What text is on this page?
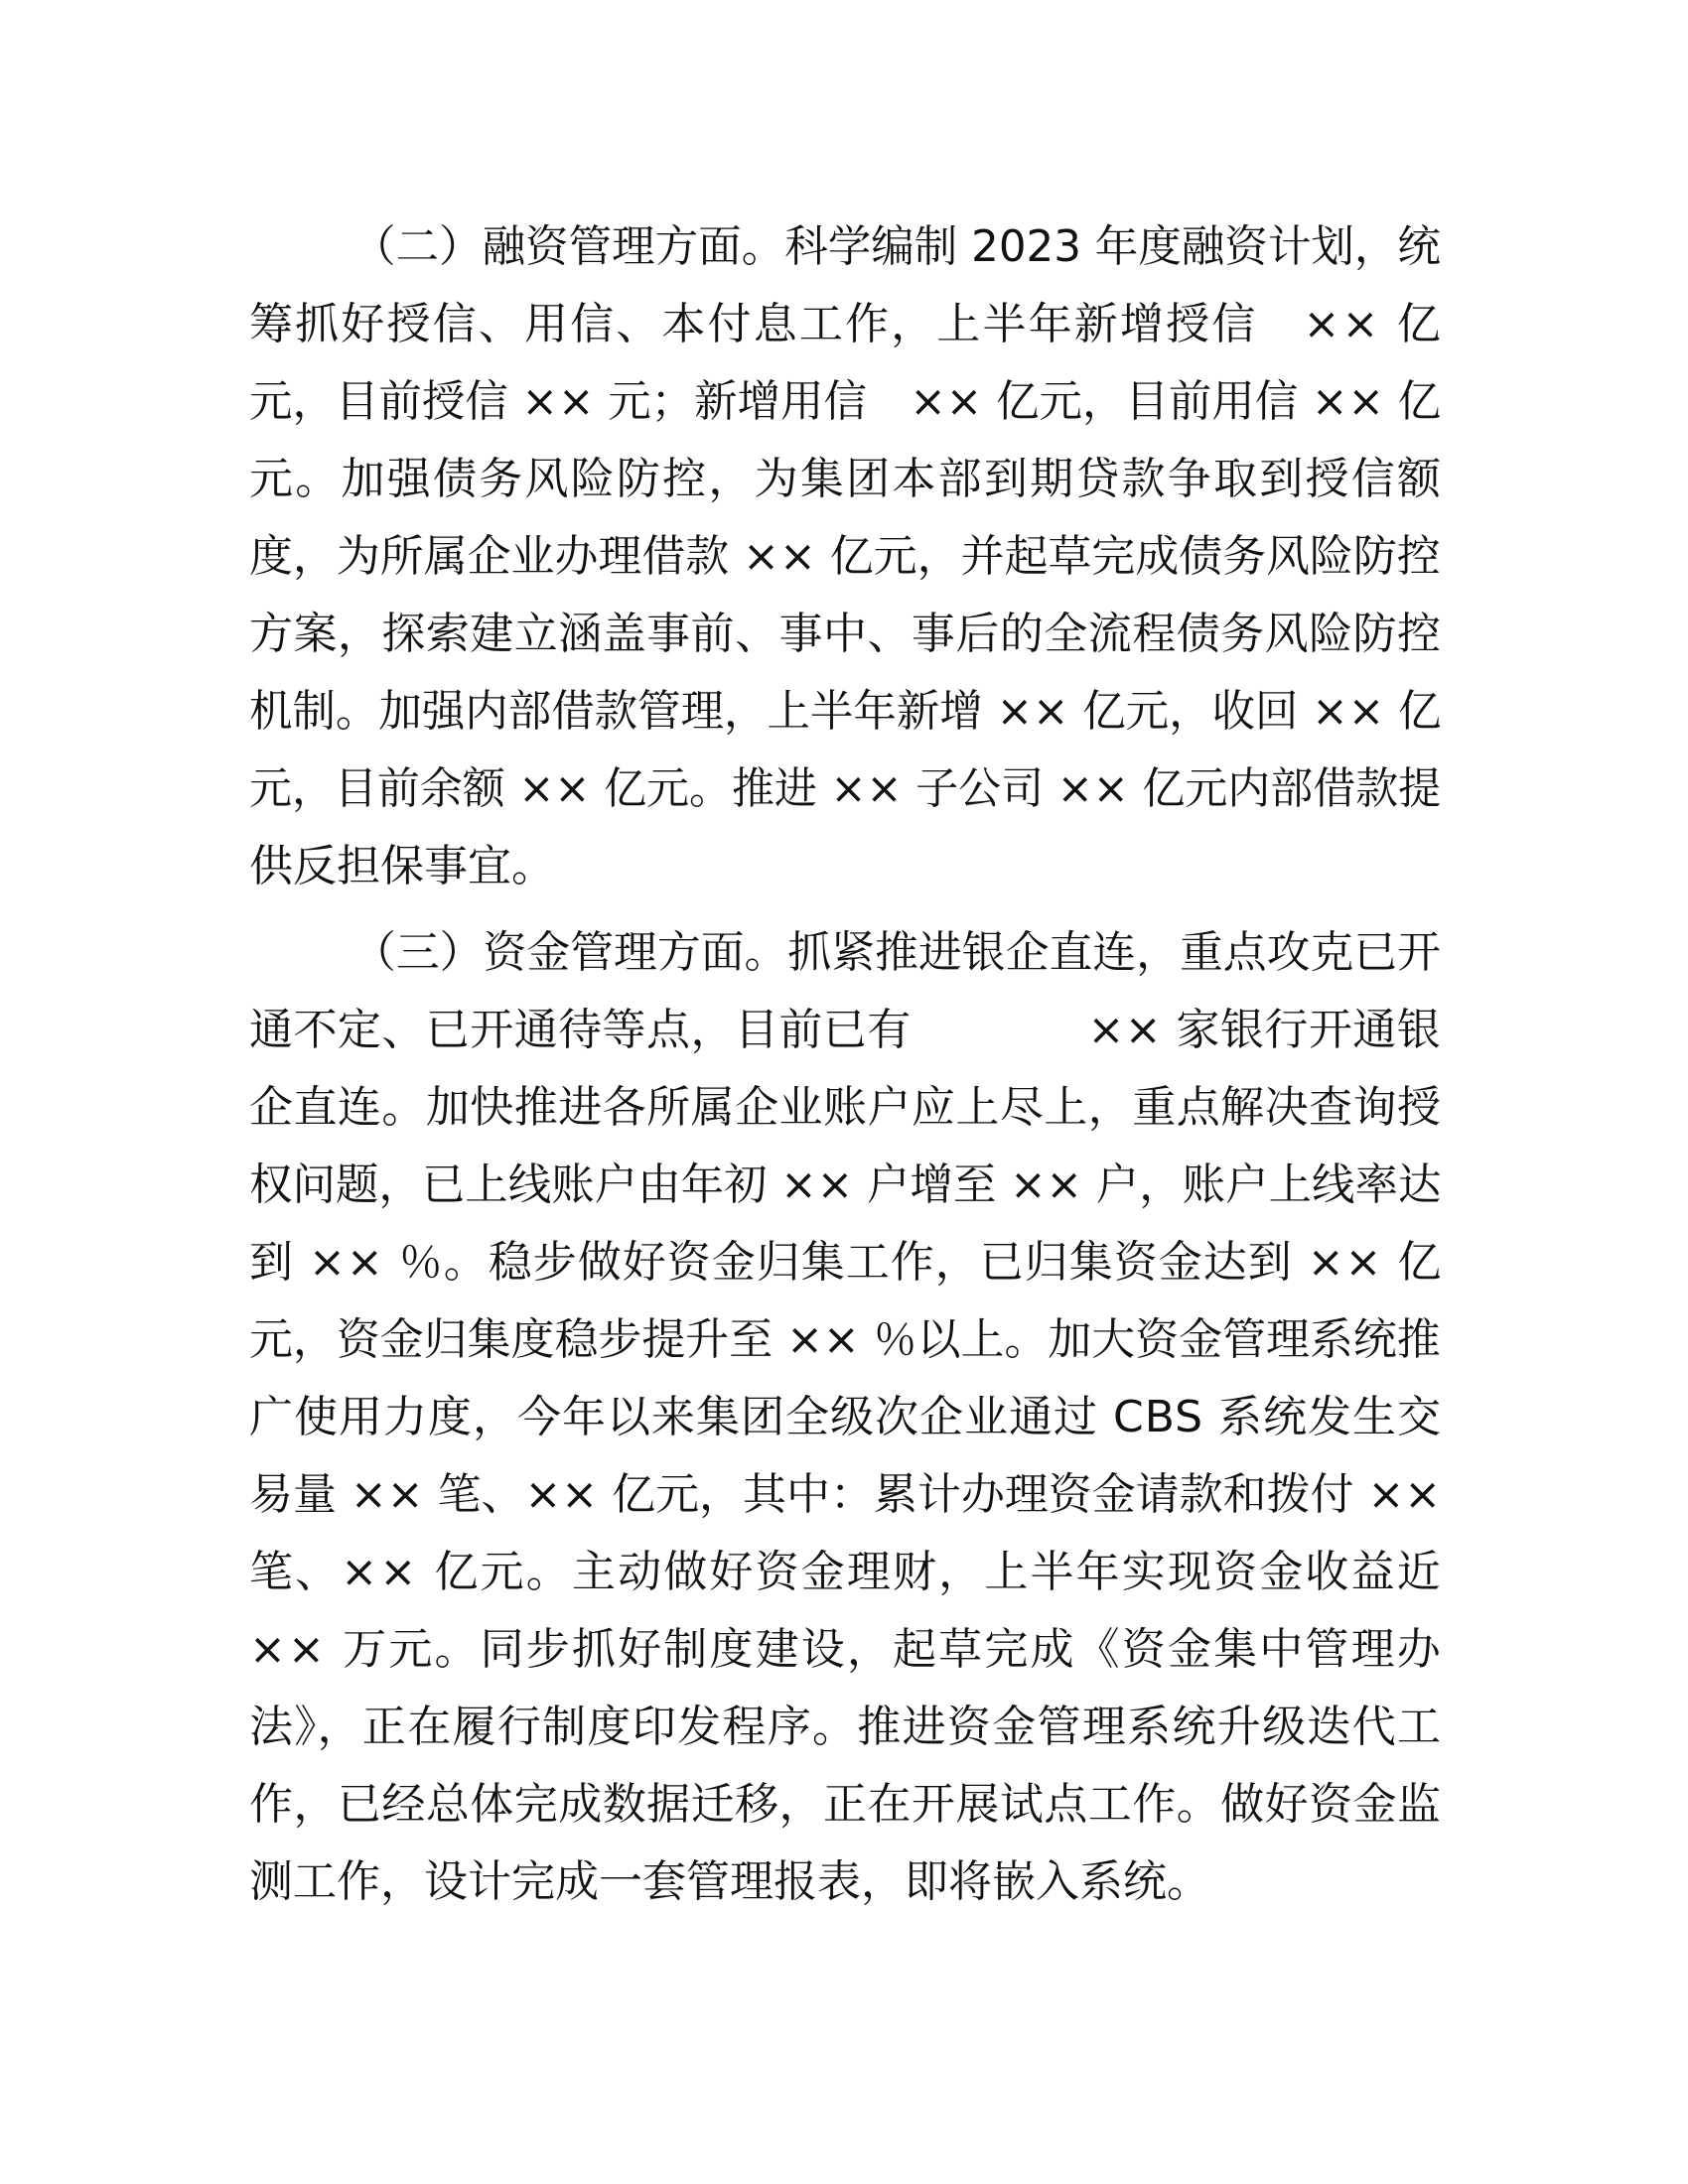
（二）融资管理方面。科学编制 2023 年度融资计划，统
筹抓好授信、用信、本付息工作，上半年新增授信　×× 亿
元，目前授信 ×× 元；新增用信　×× 亿元，目前用信 ×× 亿
元。加强债务风险防控，为集团本部到期贷款争取到授信额
度，为所属企业办理借款 ×× 亿元，并起草完成债务风险防控
方案，探索建立涵盖事前、事中、事后的全流程债务风险防控
机制。加强内部借款管理，上半年新增 ×× 亿元，收回 ×× 亿
元，目前余额 ×× 亿元。推进 ×× 子公司 ×× 亿元内部借款提
供反担保事宜。
（三）资金管理方面。抓紧推进银企直连，重点攻克已开
通不定、已开通待等点，目前已有　　　　×× 家银行开通银
企直连。加快推进各所属企业账户应上尽上，重点解决查询授
权问题，已上线账户由年初 ×× 户增至 ×× 户，账户上线率达
到 ×× ％。稳步做好资金归集工作，已归集资金达到 ×× 亿
元，资金归集度稳步提升至 ×× ％以上。加大资金管理系统推
广使用力度，今年以来集团全级次企业通过 CBS 系统发生交
易量 ×× 笔、×× 亿元，其中：累计办理资金请款和拨付 ××
笔、×× 亿元。主动做好资金理财，上半年实现资金收益近
×× 万元。同步抓好制度建设，起草完成《资金集中管理办
法》，正在履行制度印发程序。推进资金管理系统升级迭代工
作，已经总体完成数据迁移，正在开展试点工作。做好资金监
测工作，设计完成一套管理报表，即将嵌入系统。
